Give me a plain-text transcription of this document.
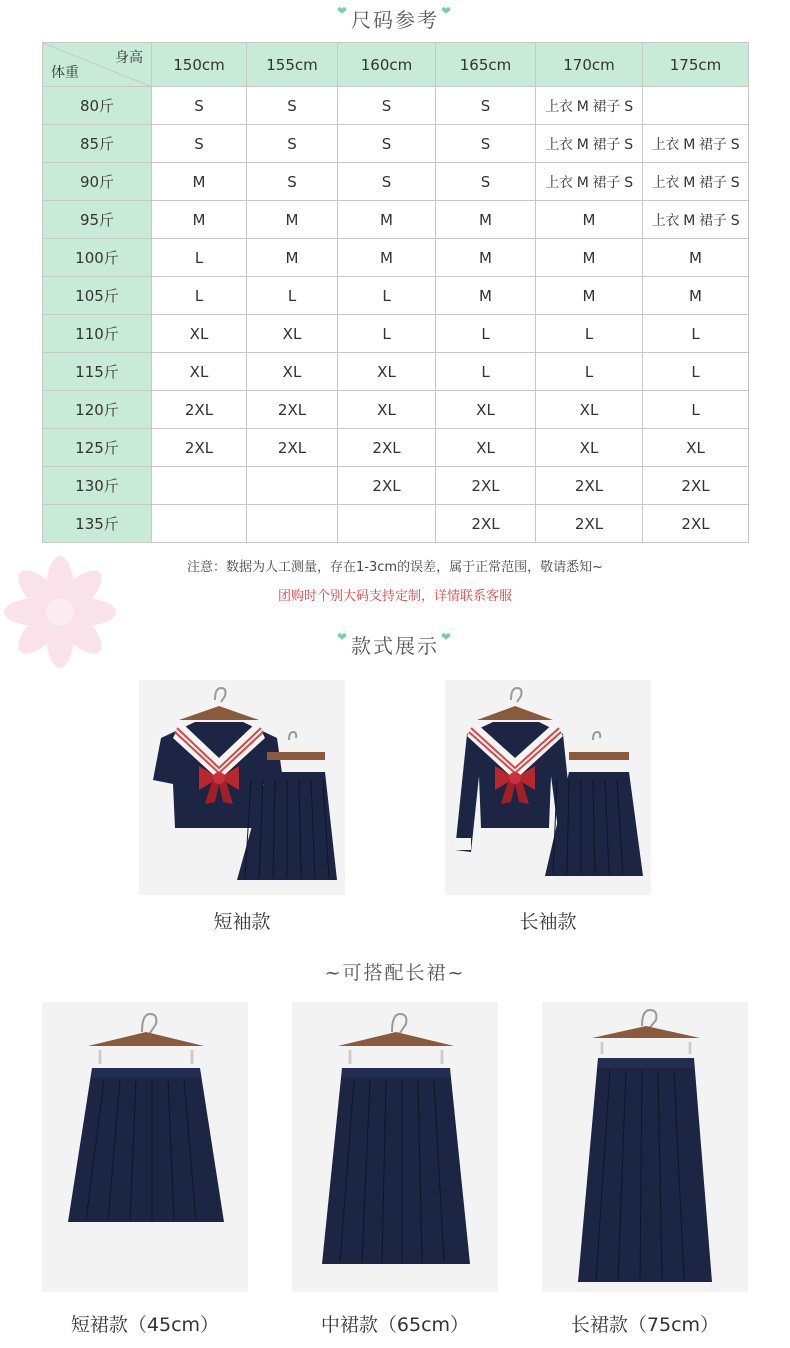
❤ 尺码参考 ❤
身高
体重	150cm	155cm	160cm	165cm	170cm	175cm
80斤	S	S	S	S	上衣 M 裙子 S	
85斤	S	S	S	S	上衣 M 裙子 S	上衣 M 裙子 S
90斤	M	S	S	S	上衣 M 裙子 S	上衣 M 裙子 S
95斤	M	M	M	M	M	上衣 M 裙子 S
100斤	L	M	M	M	M	M
105斤	L	L	L	M	M	M
110斤	XL	XL	L	L	L	L
115斤	XL	XL	XL	L	L	L
120斤	2XL	2XL	XL	XL	XL	L
125斤	2XL	2XL	2XL	XL	XL	XL
130斤			2XL	2XL	2XL	2XL
135斤				2XL	2XL	2XL
注意：数据为人工测量，存在1-3cm的误差，属于正常范围，敬请悉知~
团购时个别大码支持定制，详情联系客服
❤ 款式展示 ❤
短袖款	长袖款
~可搭配长裙~
短裙款（45cm）	中裙款（65cm）	长裙款（75cm）
